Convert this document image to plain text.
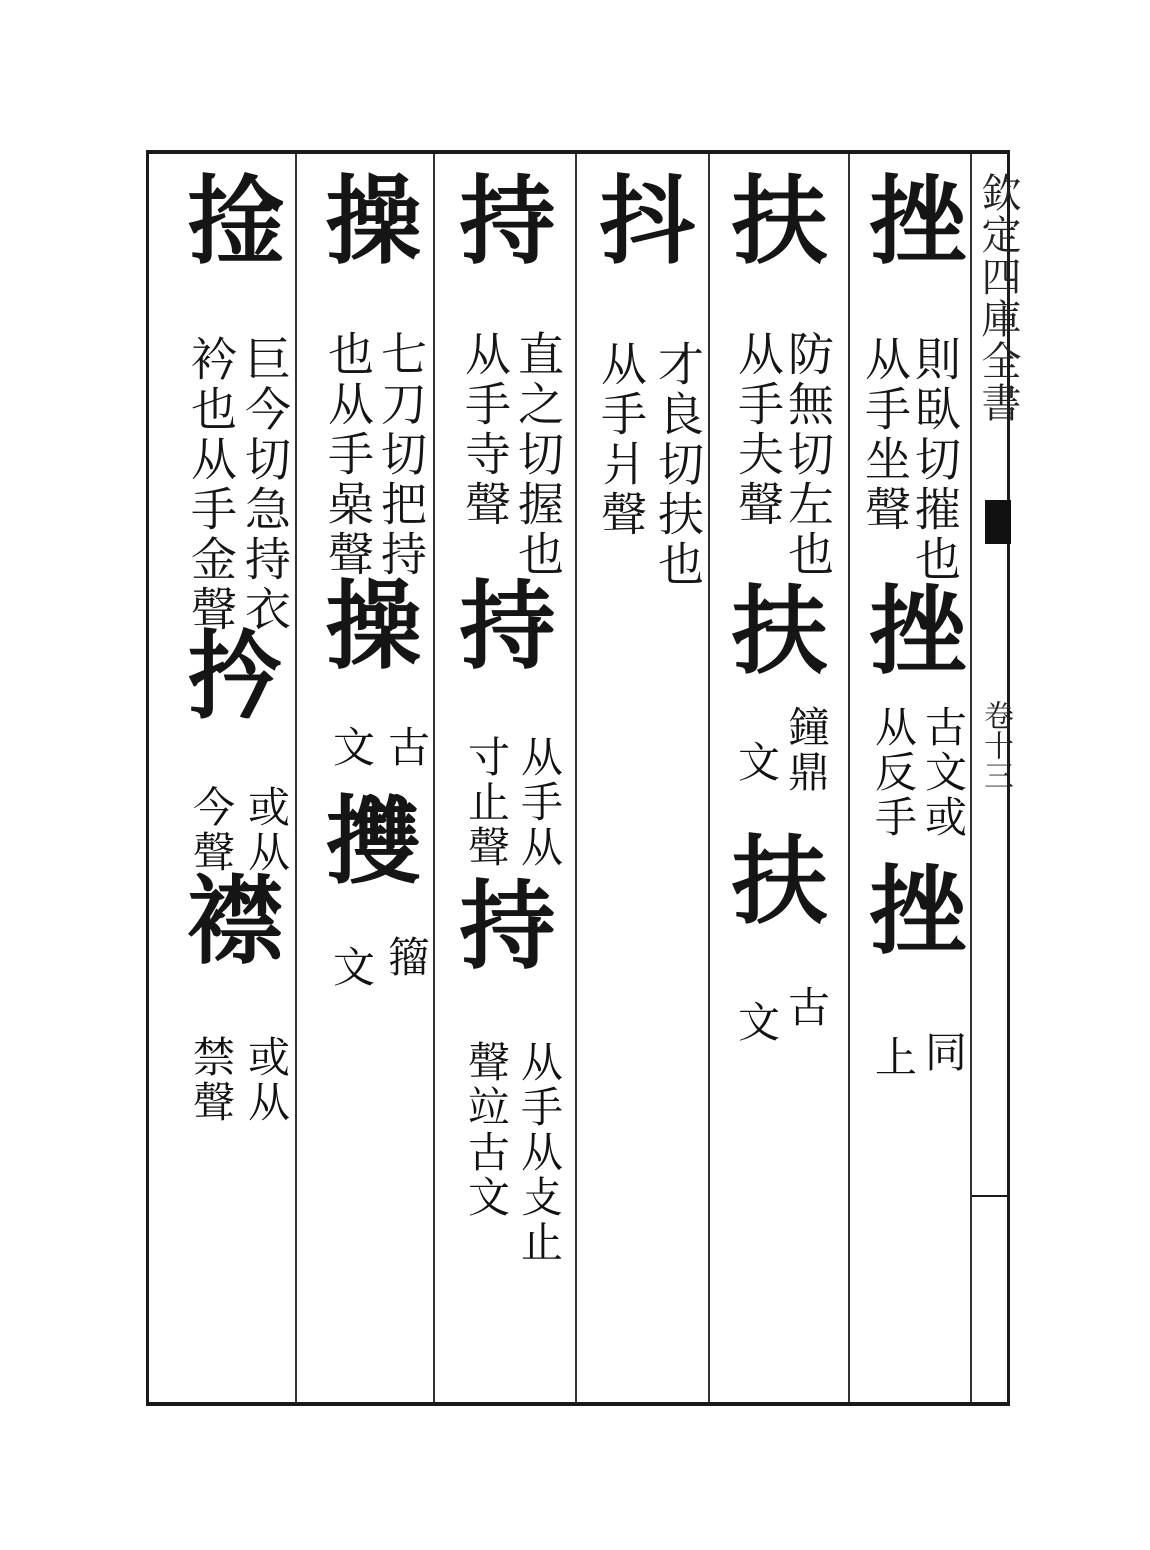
欽定四庫全書
卷十三
挫
則臥切摧也
从手坐聲
挫
古文或
从反手
挫
同
上
扶
防無切左也
从手夫聲
扶
鐘鼎
文
扶
古
文
抖
才良切扶也
从手爿聲
持
直之切握也
从手寺聲
持
从手从
寸止聲
持
从手从攴止
聲竝古文
操
七刀切把持
也从手喿聲
操
古
文
㩳
籀
文
捦
巨今切急持衣
衿也从手金聲
扲
或从
今聲
襟
或从
禁聲
